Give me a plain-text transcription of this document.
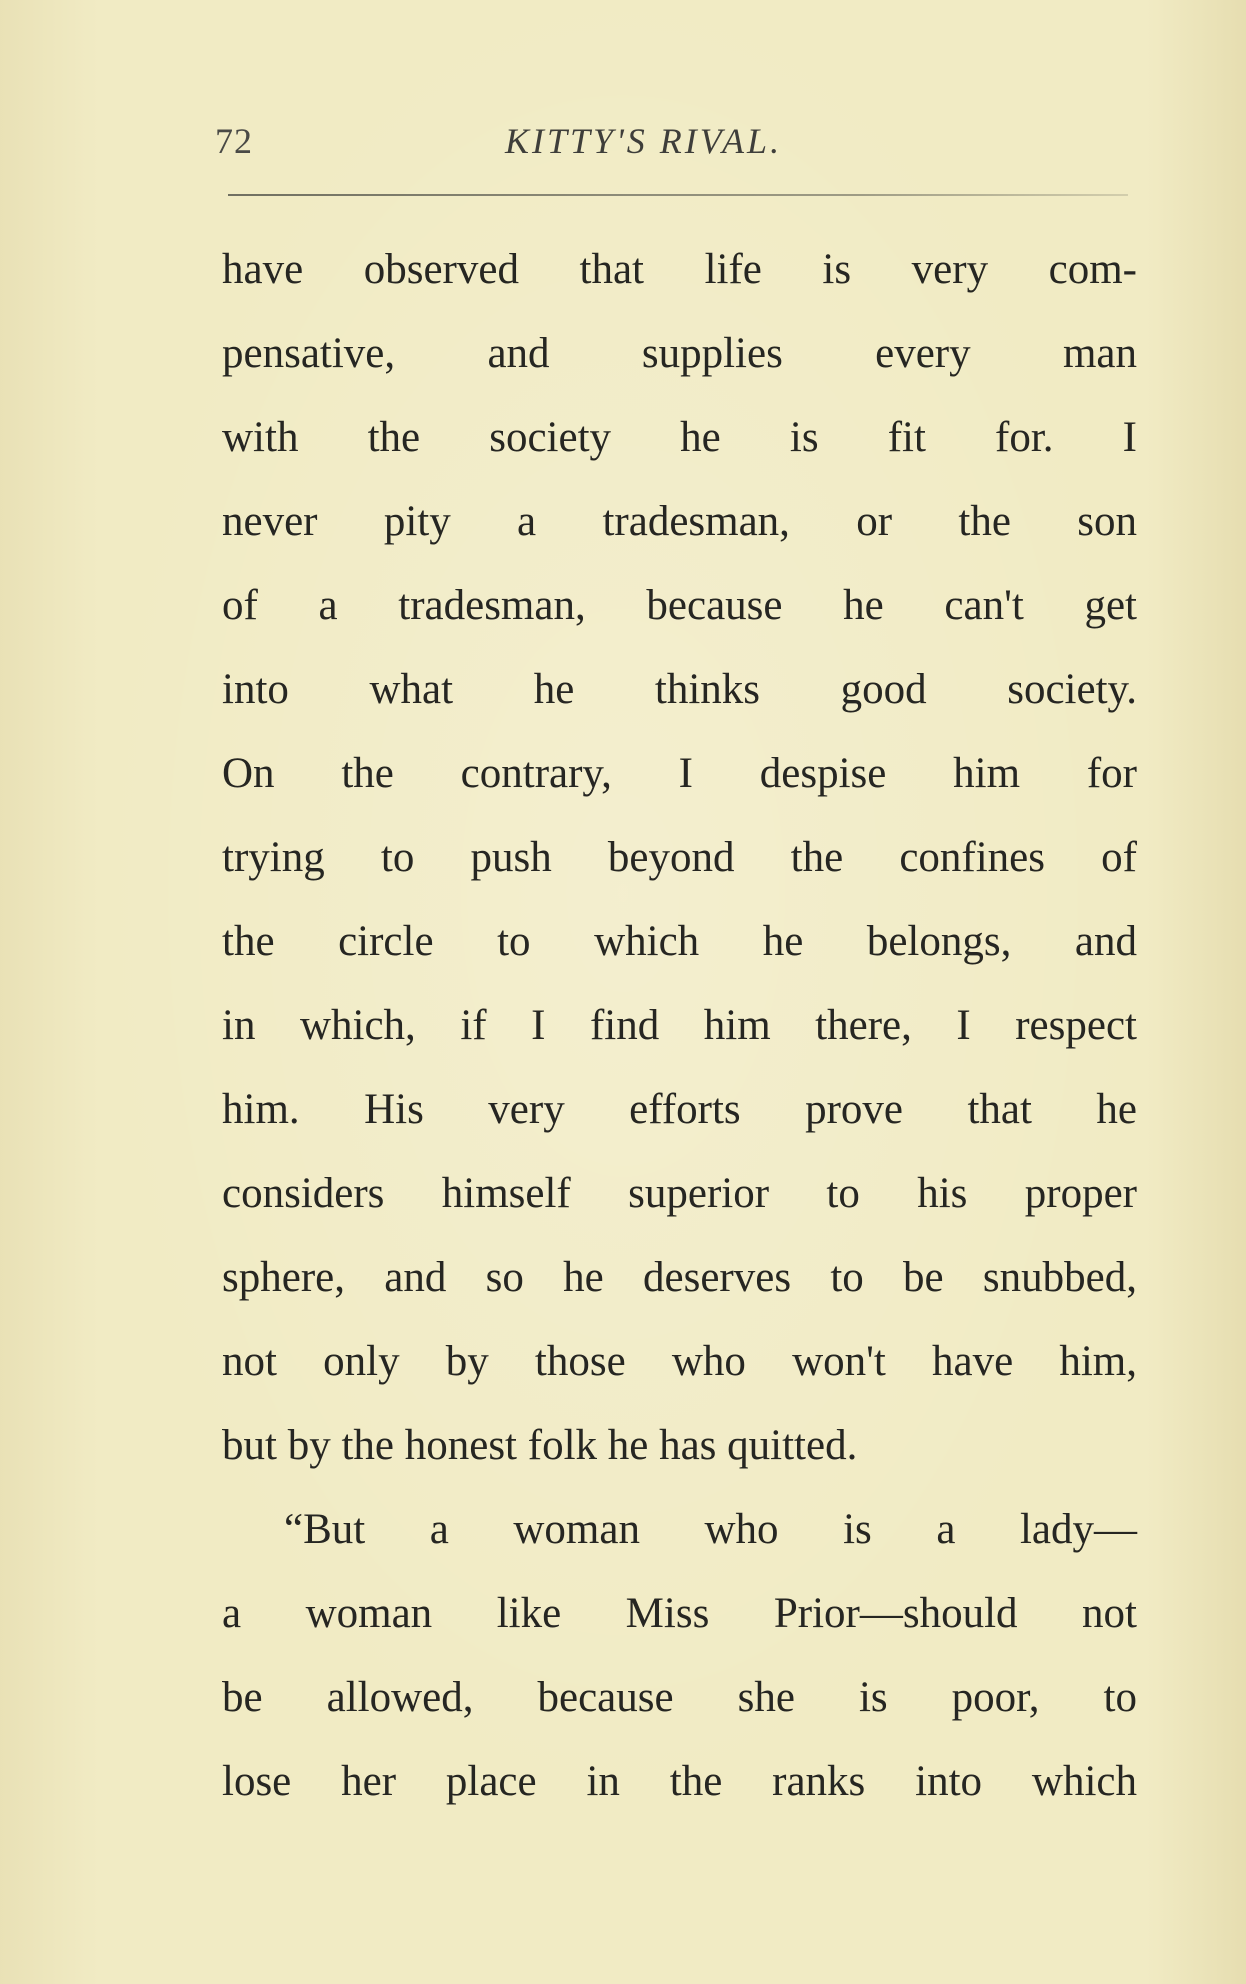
72	KITTY'S RIVAL.
have observed that life is very com-
pensative, and supplies every man
with the society he is fit for. I
never pity a tradesman, or the son
of a tradesman, because he can't get
into what he thinks good society.
On the contrary, I despise him for
trying to push beyond the confines of
the circle to which he belongs, and
in which, if I find him there, I respect
him. His very efforts prove that he
considers himself superior to his proper
sphere, and so he deserves to be snubbed,
not only by those who won't have him,
but by the honest folk he has quitted.
“But a woman who is a lady—
a woman like Miss Prior—should not
be allowed, because she is poor, to
lose her place in the ranks into which
